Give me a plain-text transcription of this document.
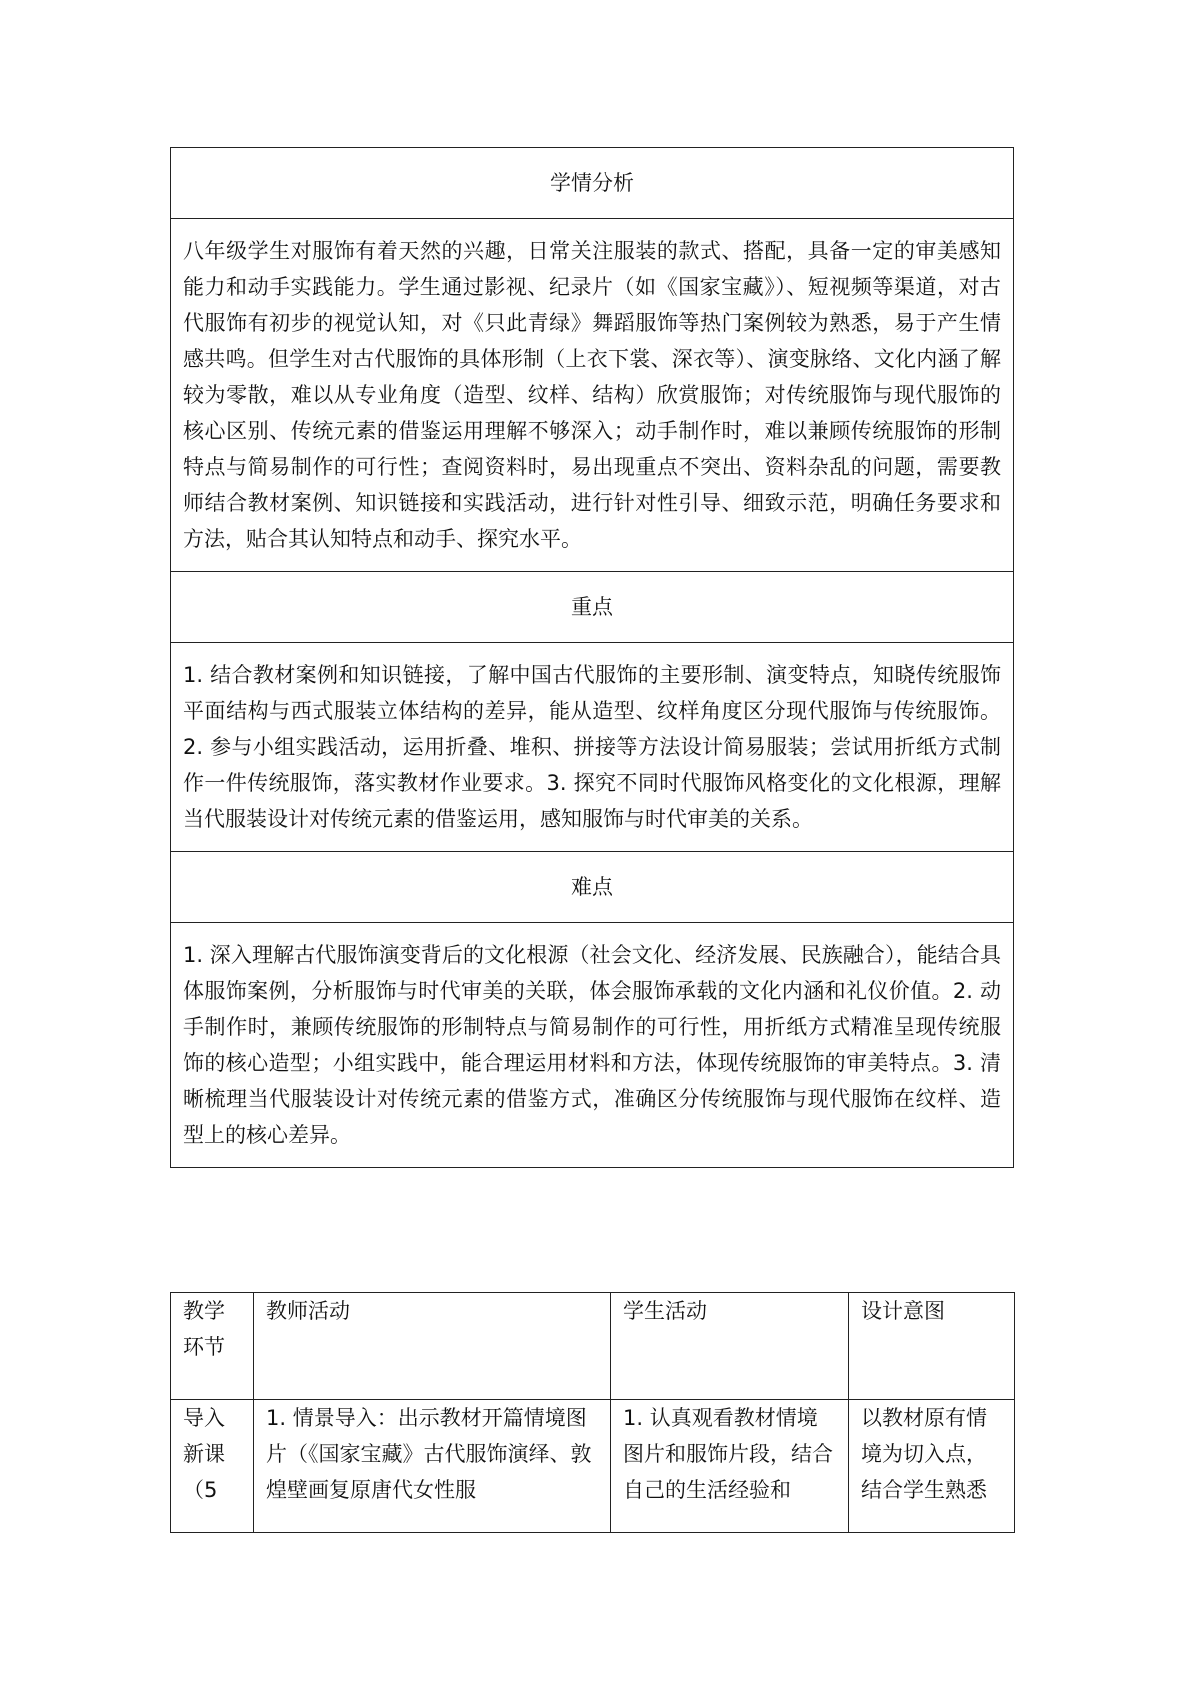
学情分析
八年级学生对服饰有着天然的兴趣，日常关注服装的款式、搭配，具备一定的审美感知能力和动手实践能力。学生通过影视、纪录片（如《国家宝藏》）、短视频等渠道，对古代服饰有初步的视觉认知，对《只此青绿》舞蹈服饰等热门案例较为熟悉，易于产生情感共鸣。但学生对古代服饰的具体形制（上衣下裳、深衣等）、演变脉络、文化内涵了解较为零散，难以从专业角度（造型、纹样、结构）欣赏服饰；对传统服饰与现代服饰的核心区别、传统元素的借鉴运用理解不够深入；动手制作时，难以兼顾传统服饰的形制特点与简易制作的可行性；查阅资料时，易出现重点不突出、资料杂乱的问题，需要教师结合教材案例、知识链接和实践活动，进行针对性引导、细致示范，明确任务要求和方法，贴合其认知特点和动手、探究水平。
重点
1. 结合教材案例和知识链接，了解中国古代服饰的主要形制、演变特点，知晓传统服饰平面结构与西式服装立体结构的差异，能从造型、纹样角度区分现代服饰与传统服饰。2. 参与小组实践活动，运用折叠、堆积、拼接等方法设计简易服装；尝试用折纸方式制作一件传统服饰，落实教材作业要求。3. 探究不同时代服饰风格变化的文化根源，理解当代服装设计对传统元素的借鉴运用，感知服饰与时代审美的关系。
难点
1. 深入理解古代服饰演变背后的文化根源（社会文化、经济发展、民族融合），能结合具体服饰案例，分析服饰与时代审美的关联，体会服饰承载的文化内涵和礼仪价值。2. 动手制作时，兼顾传统服饰的形制特点与简易制作的可行性，用折纸方式精准呈现传统服饰的核心造型；小组实践中，能合理运用材料和方法，体现传统服饰的审美特点。3. 清晰梳理当代服装设计对传统元素的借鉴方式，准确区分传统服饰与现代服饰在纹样、造型上的核心差异。
教学环节	教师活动	学生活动	设计意图

导入新课（5	1. 情景导入：出示教材开篇情境图片（《国家宝藏》古代服饰演绎、敦煌壁画复原唐代女性服	1. 认真观看教材情境图片和服饰片段，结合自己的生活经验和	以教材原有情境为切入点，结合学生熟悉
